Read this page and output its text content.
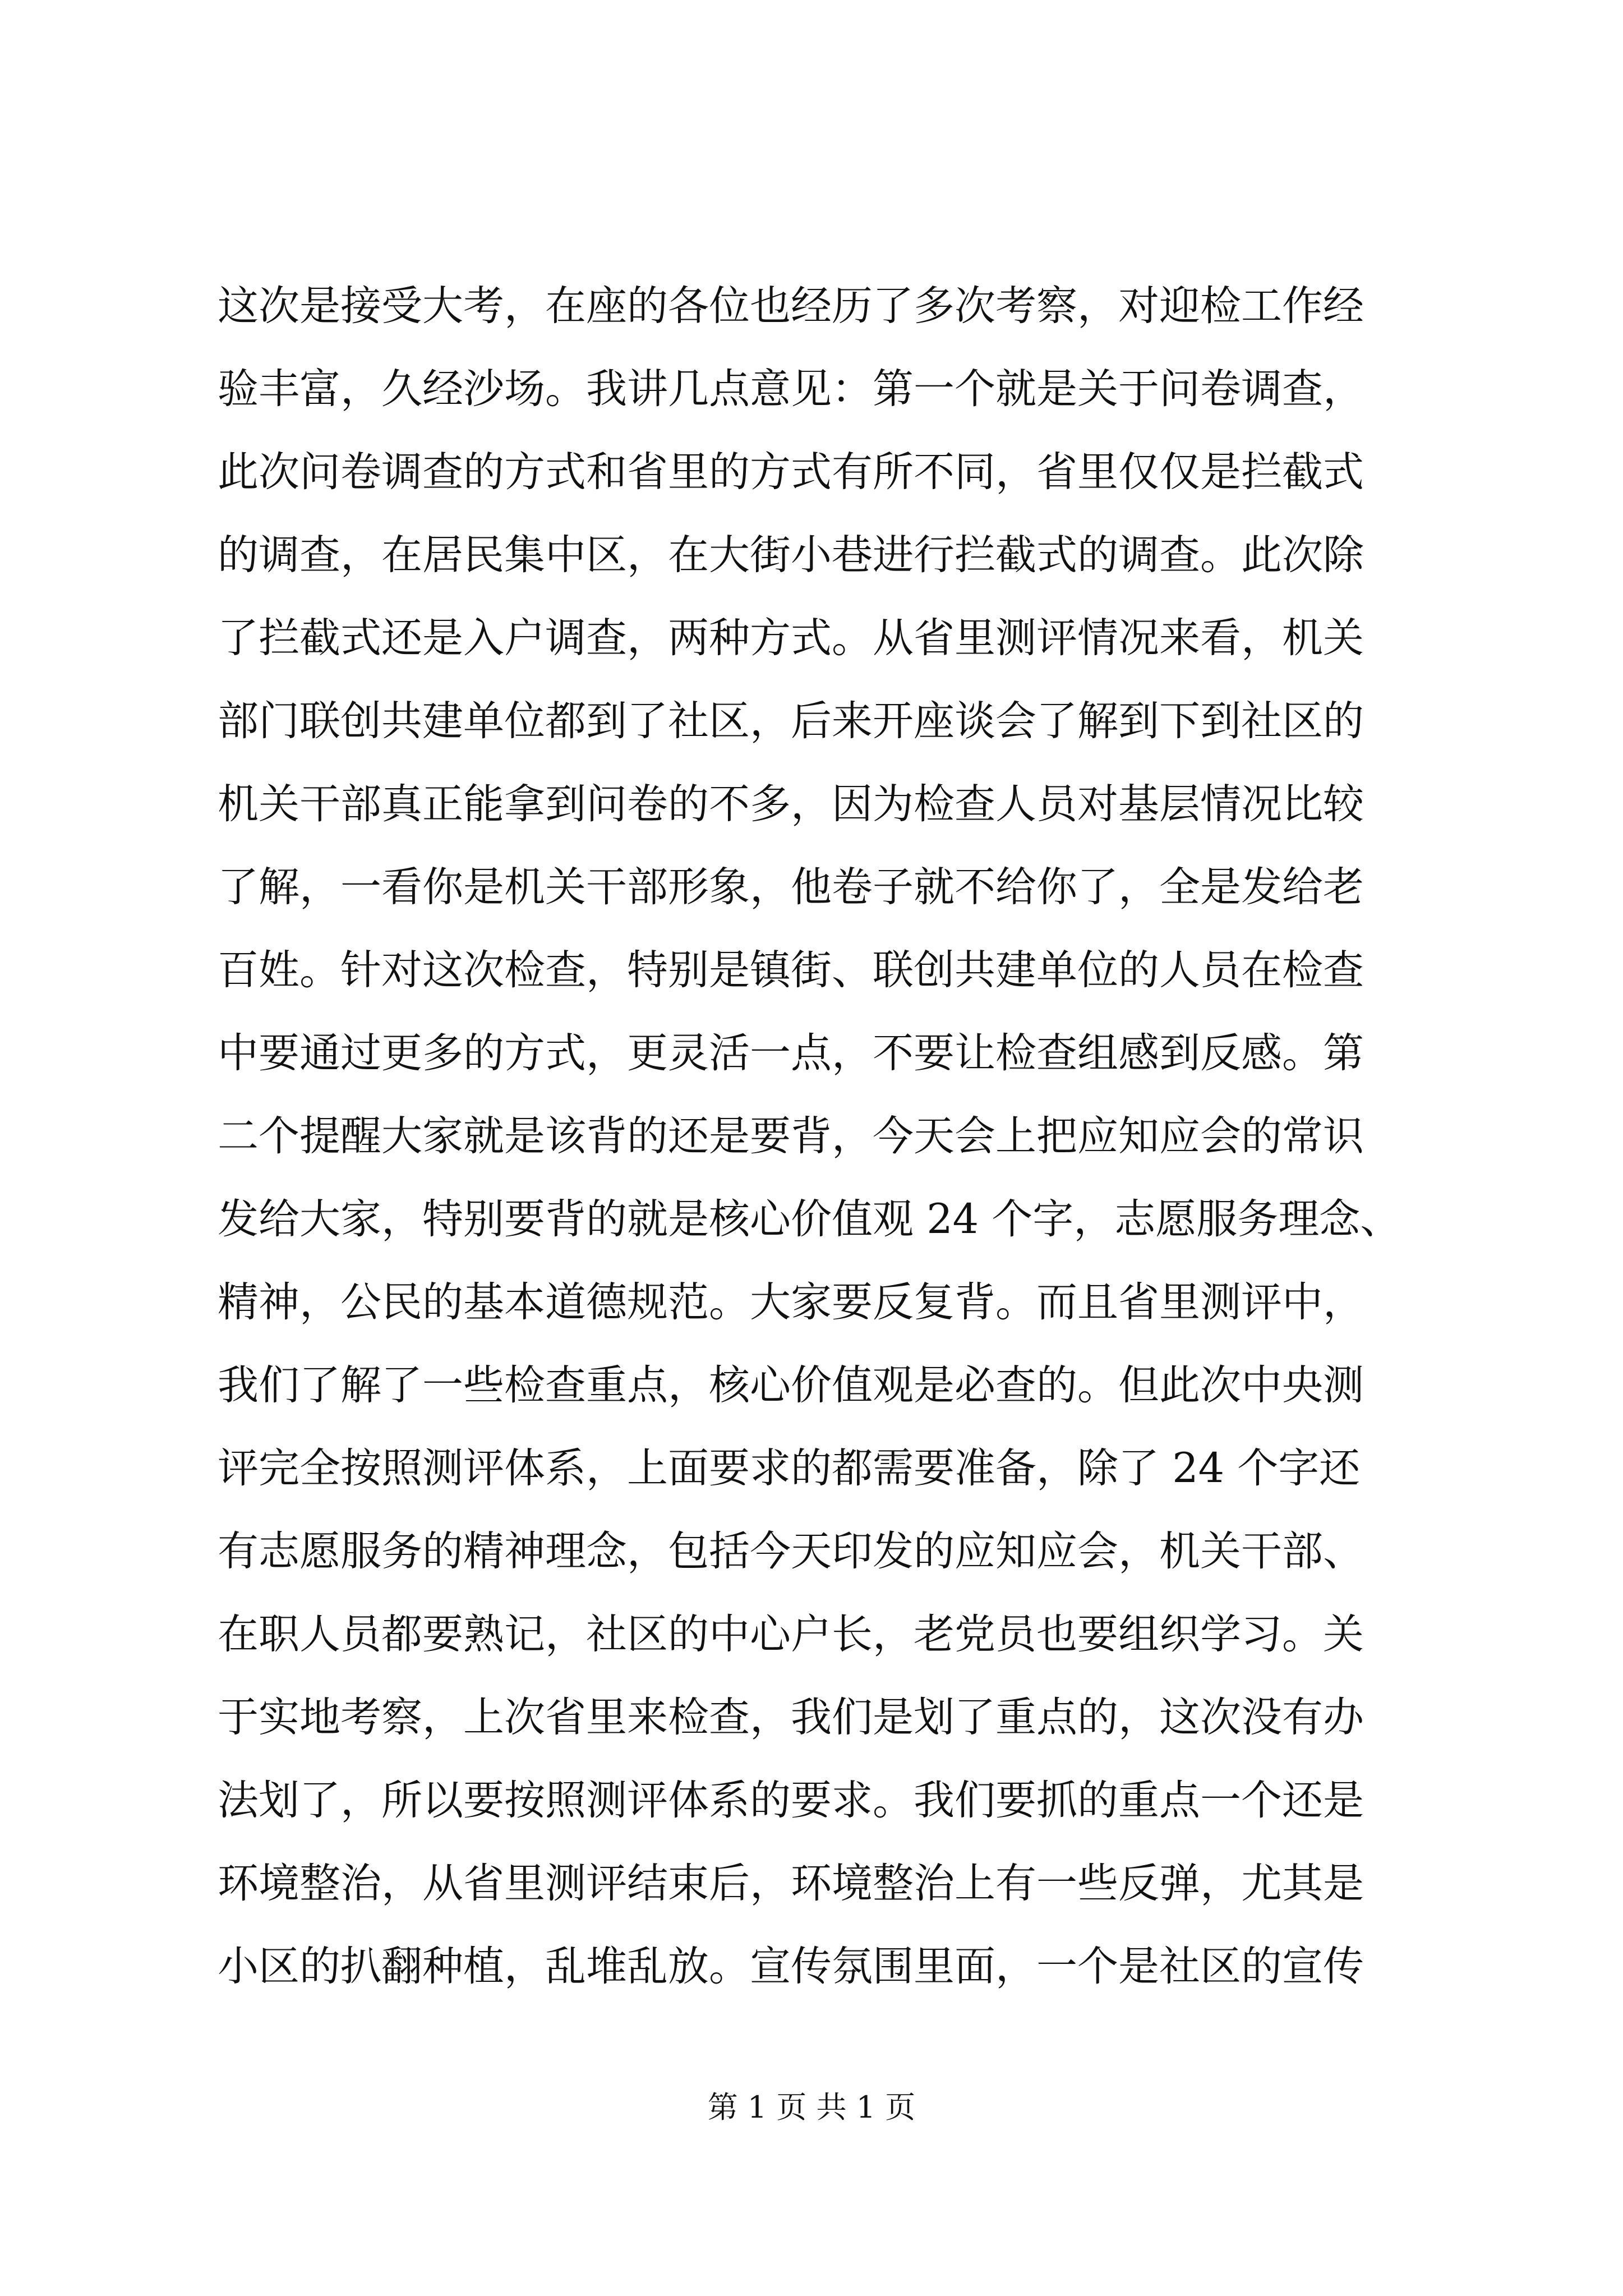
这次是接受大考，在座的各位也经历了多次考察，对迎检工作经
验丰富，久经沙场。我讲几点意见：第一个就是关于问卷调查，
此次问卷调查的方式和省里的方式有所不同，省里仅仅是拦截式
的调查，在居民集中区，在大街小巷进行拦截式的调查。此次除
了拦截式还是入户调查，两种方式。从省里测评情况来看，机关
部门联创共建单位都到了社区，后来开座谈会了解到下到社区的
机关干部真正能拿到问卷的不多，因为检查人员对基层情况比较
了解，一看你是机关干部形象，他卷子就不给你了，全是发给老
百姓。针对这次检查，特别是镇街、联创共建单位的人员在检查
中要通过更多的方式，更灵活一点，不要让检查组感到反感。第
二个提醒大家就是该背的还是要背，今天会上把应知应会的常识
发给大家，特别要背的就是核心价值观 24 个字，志愿服务理念、
精神，公民的基本道德规范。大家要反复背。而且省里测评中，
我们了解了一些检查重点，核心价值观是必查的。但此次中央测
评完全按照测评体系，上面要求的都需要准备，除了 24 个字还
有志愿服务的精神理念，包括今天印发的应知应会，机关干部、
在职人员都要熟记，社区的中心户长，老党员也要组织学习。关
于实地考察，上次省里来检查，我们是划了重点的，这次没有办
法划了，所以要按照测评体系的要求。我们要抓的重点一个还是
环境整治，从省里测评结束后，环境整治上有一些反弹，尤其是
小区的扒翻种植，乱堆乱放。宣传氛围里面，一个是社区的宣传
第 1 页 共 1 页
